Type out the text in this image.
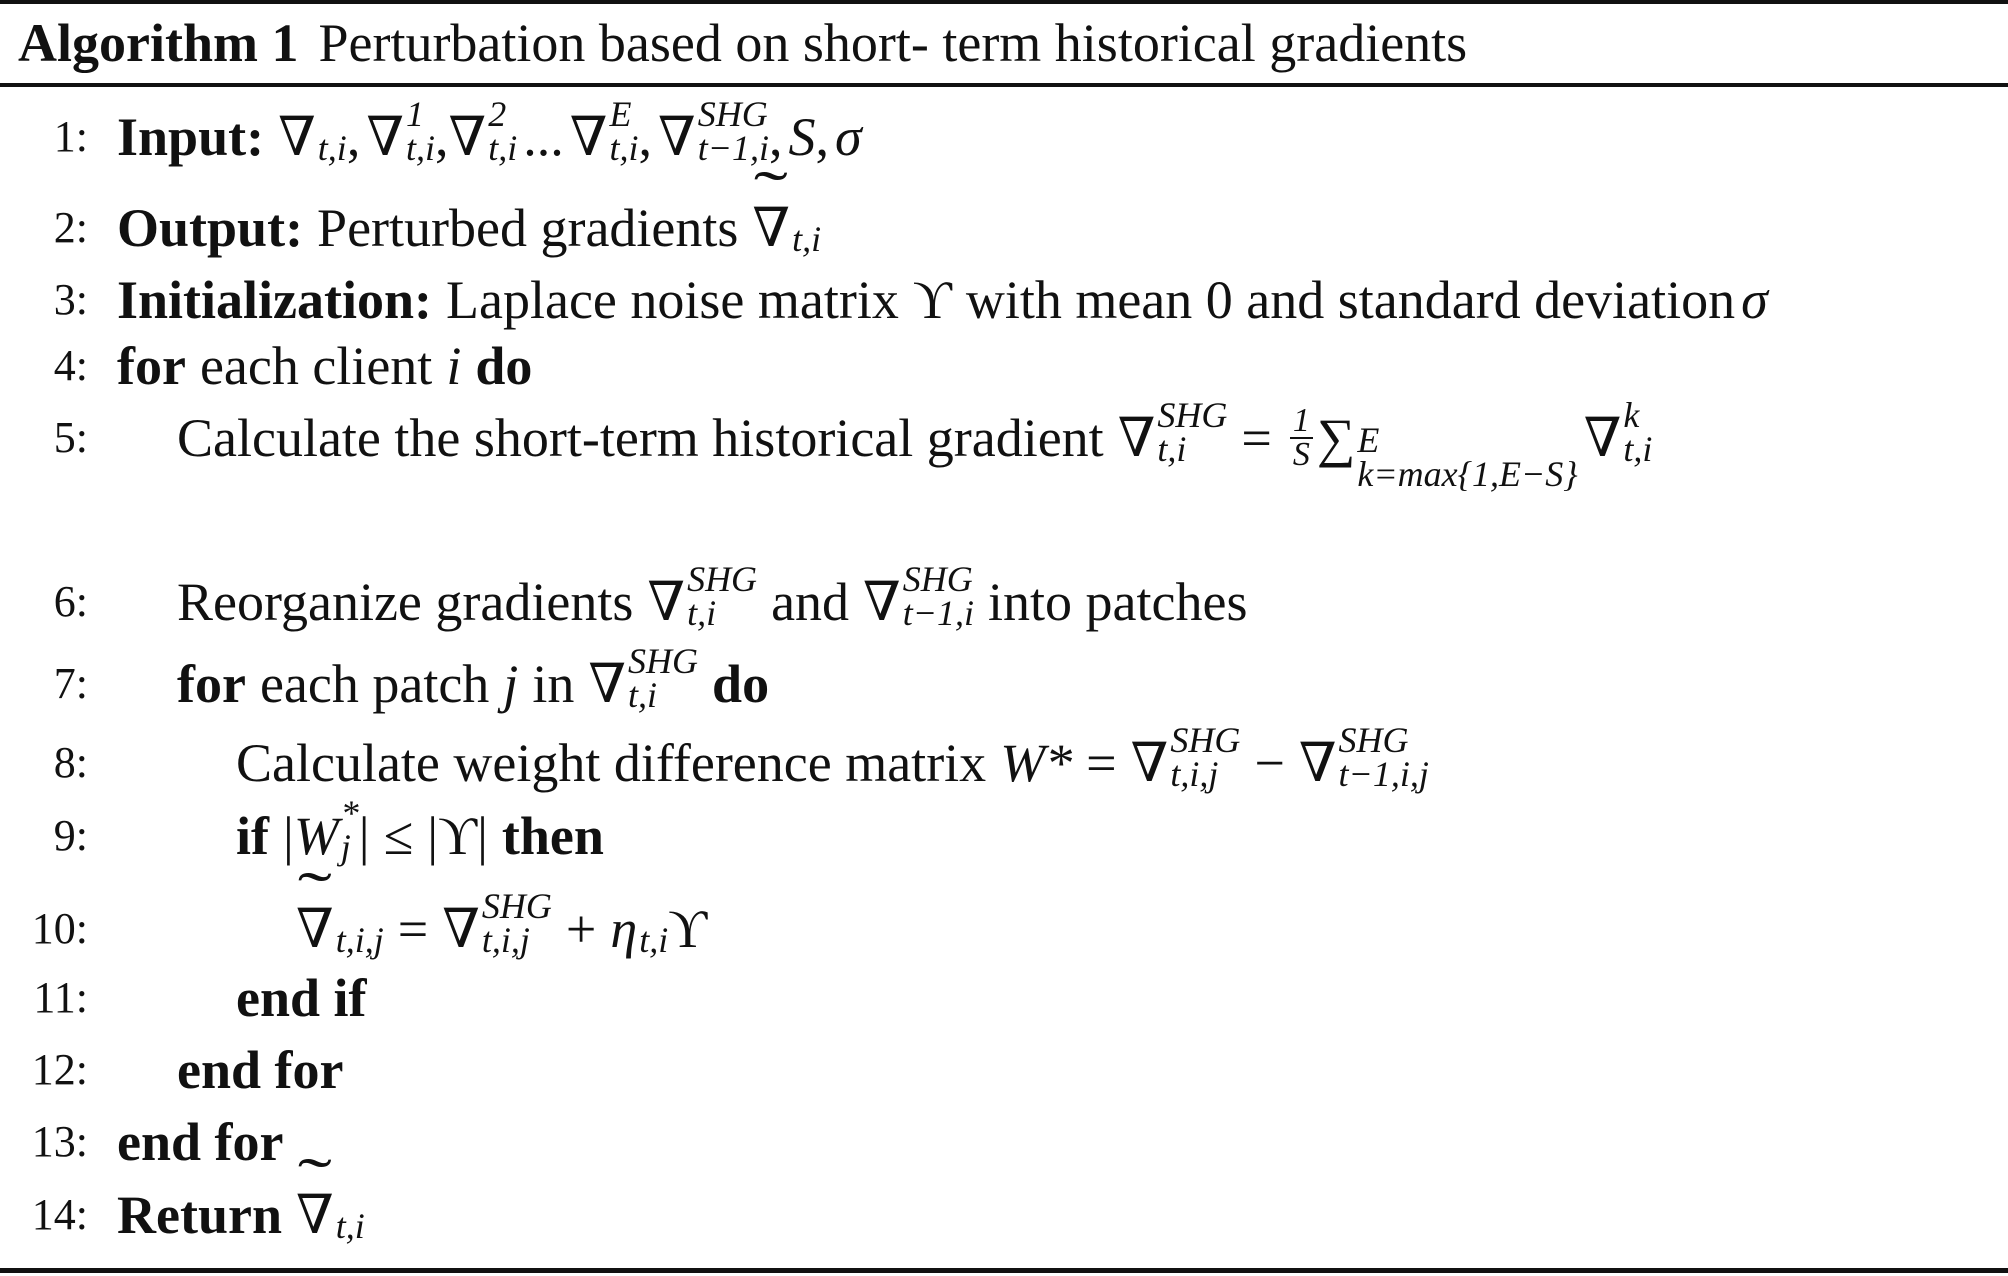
Algorithm 1 Perturbation based on short- term historical gradients
1: Input: ∇ t,i , ∇ 1
t,i , ∇ 2
t,i ... ∇ E
t,i , ∇ SHG
t−1,i , S, σ
2: Output: Perturbed gradients ˜ ∇ t,i
3: Initialization: Laplace noise matrix ϒ with mean 0 and standard deviation σ
4: for each client i do
5: Calculate the short-term historical gradient ∇ SHG
t,i	= $\frac{1}{S}$ ∑ E
k=max{1,E−S}
∇ k
t,i
6: Reorganize gradients ∇ SHG
t,i	and ∇ SHG
t−1,i into patches
7: for each patch j in ∇ SHG
t,i	do
8:	Calculate weight difference matrix W* = ∇ SHG
t,i,j − ∇ SHG
t−1,i,j
9:	if | W *
j | ≤ |ϒ| then
10:	˜ ∇ t,i,j = ∇ SHG
t,i,j + η t,i ϒ
11:	end if
12: end for
13: end for
14: Return ˜ ∇ t,i
